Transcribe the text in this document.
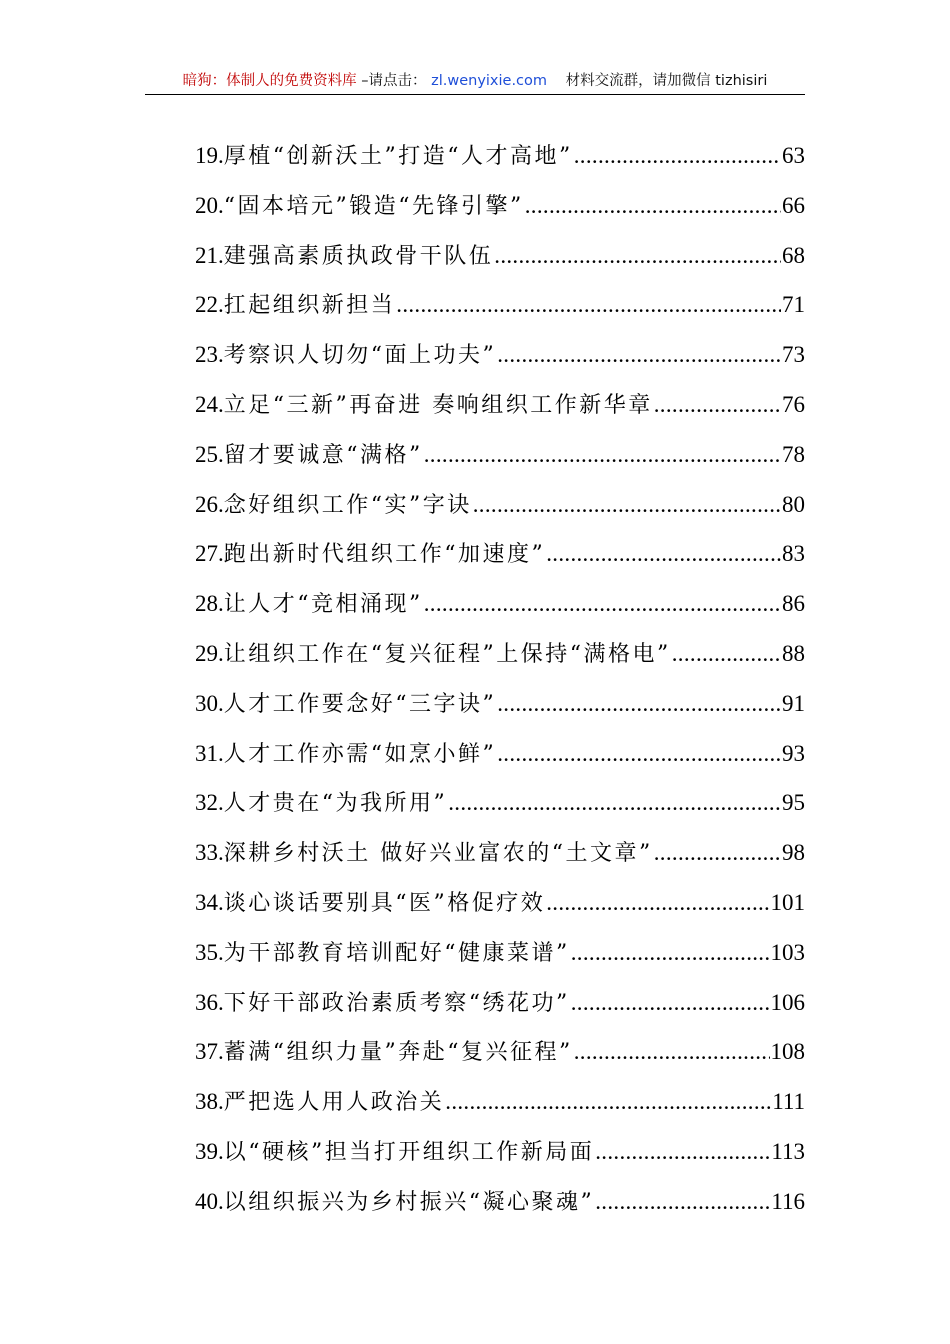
暗狗：体制人的免费资料库 –请点击： zl.wenyixie.com 材料交流群，请加微信 tizhisiri
19. 厚植“创新沃土”打造“人才高地” .....	63
20. “固本培元”锻造“先锋引擎” .....	66
21. 建强高素质执政骨干队伍 .....	68
22. 扛起组织新担当 .....	71
23. 考察识人切勿“面上功夫” .....	73
24. 立足“三新”再奋进 奏响组织工作新华章 .....	76
25. 留才要诚意“满格” .....	78
26. 念好组织工作“实”字诀 .....	80
27. 跑出新时代组织工作“加速度” .....	83
28. 让人才“竞相涌现” .....	86
29. 让组织工作在“复兴征程”上保持“满格电” .....	88
30. 人才工作要念好“三字诀” .....	91
31. 人才工作亦需“如烹小鲜” .....	93
32. 人才贵在“为我所用” .....	95
33. 深耕乡村沃土 做好兴业富农的“土文章” .....	98
34. 谈心谈话要别具“医”格促疗效 .....	101
35. 为干部教育培训配好“健康菜谱” .....	103
36. 下好干部政治素质考察“绣花功” .....	106
37. 蓄满“组织力量”奔赴“复兴征程” .....	108
38. 严把选人用人政治关 .....	111
39. 以“硬核”担当打开组织工作新局面 .....	113
40. 以组织振兴为乡村振兴“凝心聚魂” .....	116
